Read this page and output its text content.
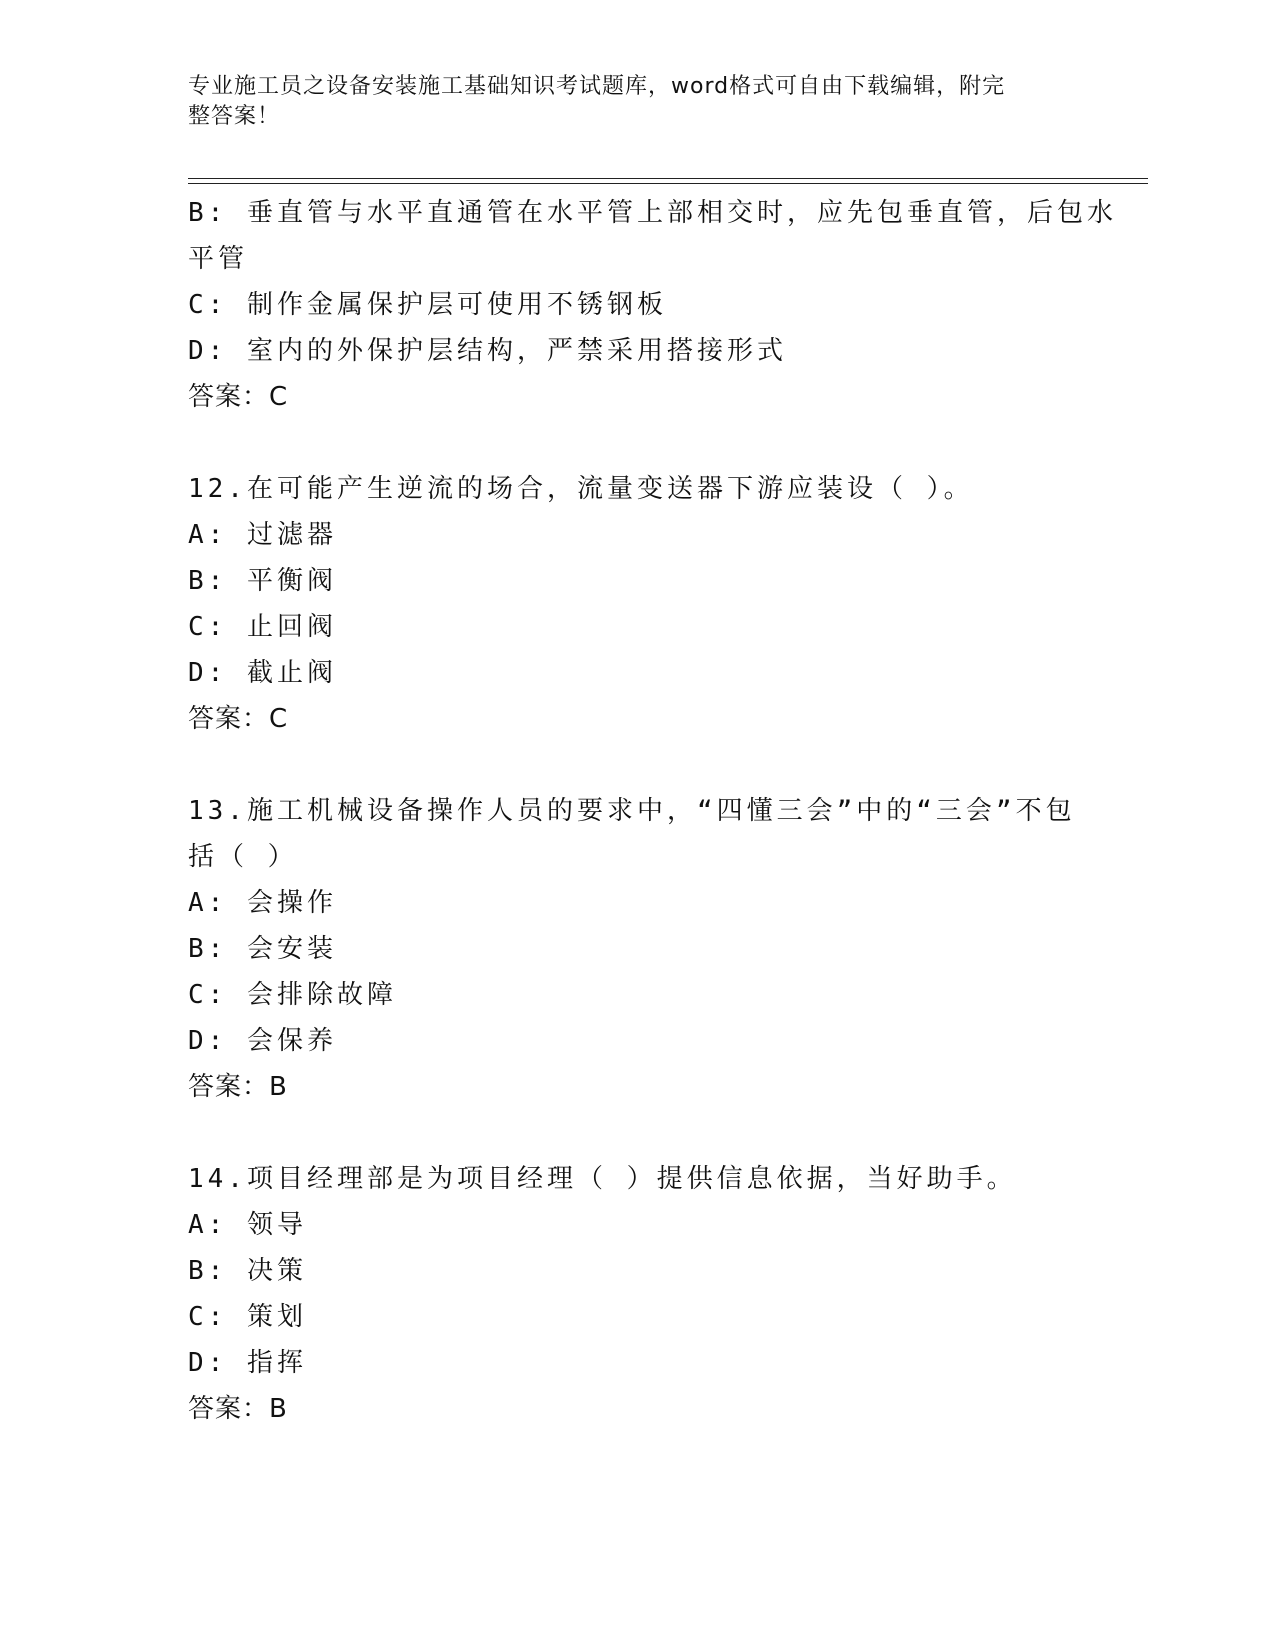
专业施工员之设备安装施工基础知识考试题库，word格式可自由下载编辑，附完
整答案！
B: 垂直管与水平直通管在水平管上部相交时，应先包垂直管，后包水
平管
C: 制作金属保护层可使用不锈钢板
D: 室内的外保护层结构，严禁采用搭接形式
答案：C
12.在可能产生逆流的场合，流量变送器下游应装设（ ）。
A: 过滤器
B: 平衡阀
C: 止回阀
D: 截止阀
答案：C
13.施工机械设备操作人员的要求中，“四懂三会”中的“三会”不包
括（ ）
A: 会操作
B: 会安装
C: 会排除故障
D: 会保养
答案：B
14.项目经理部是为项目经理（ ）提供信息依据，当好助手。
A: 领导
B: 决策
C: 策划
D: 指挥
答案：B
